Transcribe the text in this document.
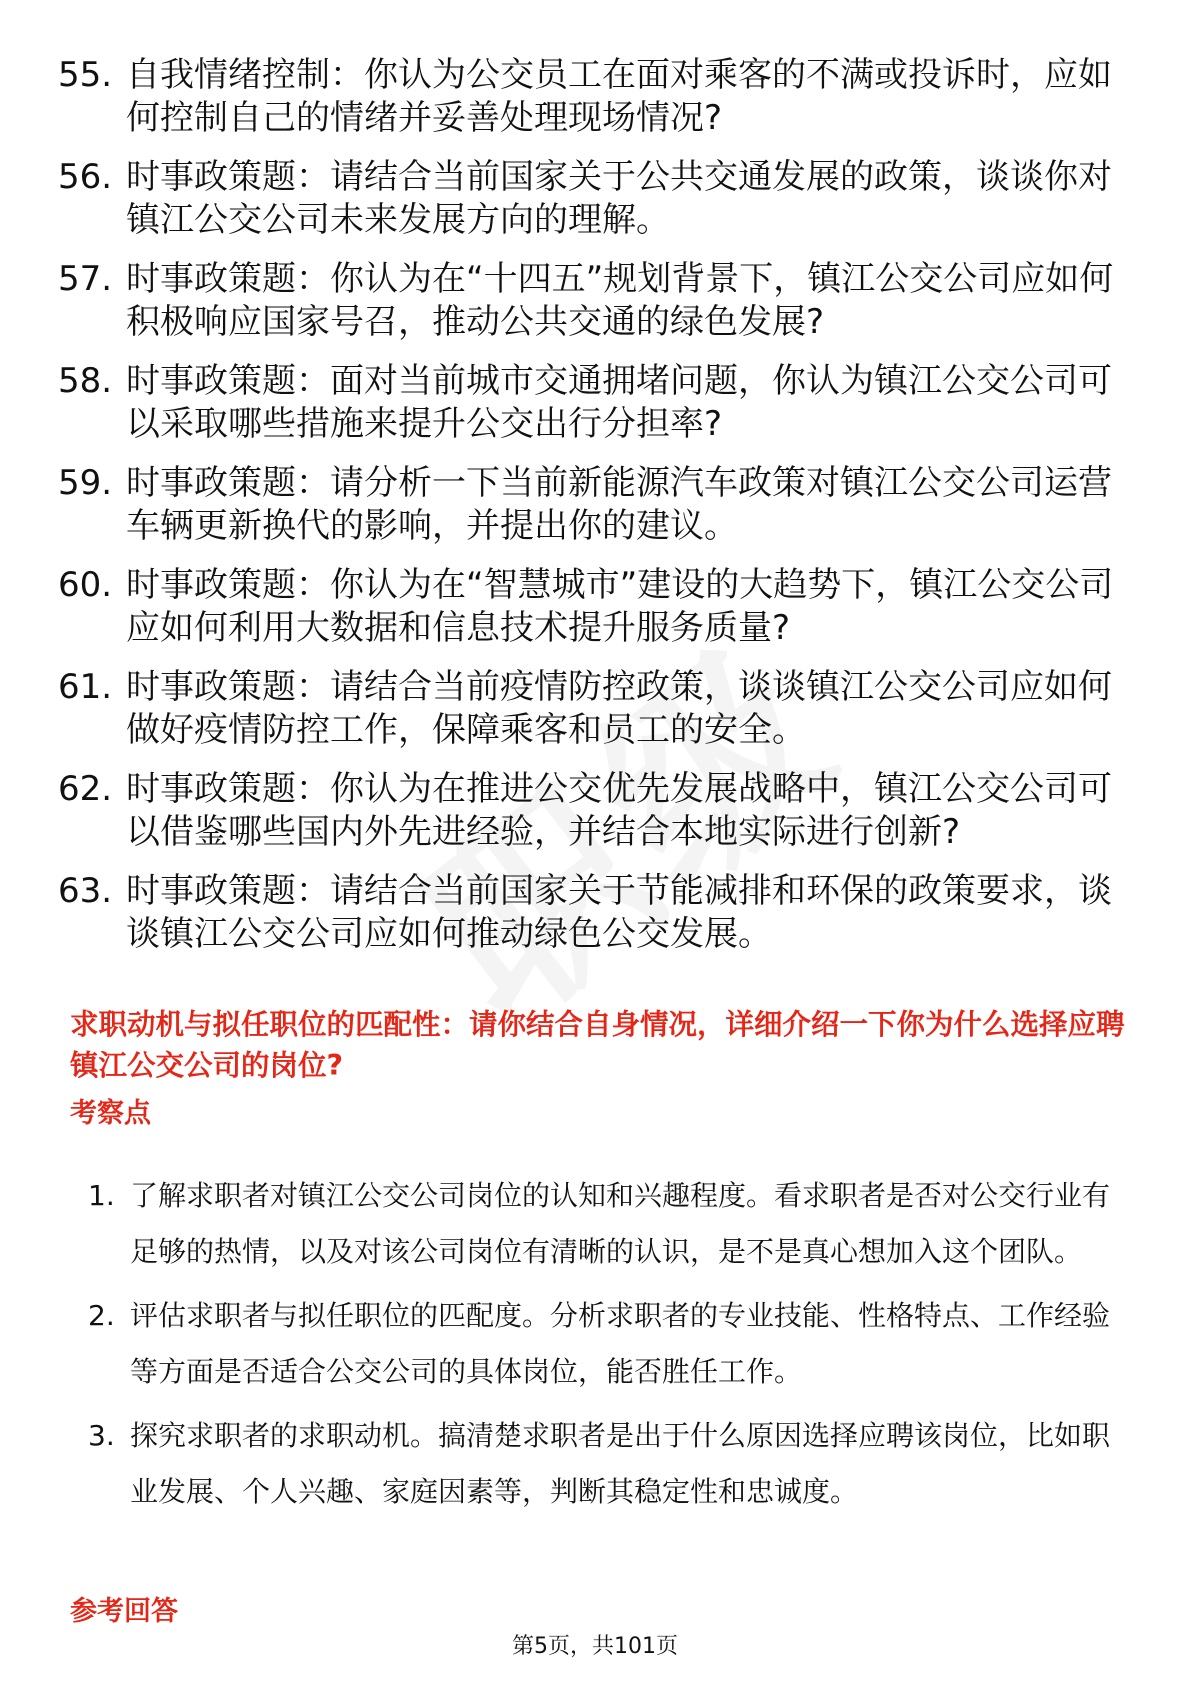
55. 自我情绪控制：你认为公交员工在面对乘客的不满或投诉时，应如何控制自己的情绪并妥善处理现场情况?
56. 时事政策题：请结合当前国家关于公共交通发展的政策，谈谈你对镇江公交公司未来发展方向的理解。
57. 时事政策题：你认为在“十四五”规划背景下，镇江公交公司应如何积极响应国家号召，推动公共交通的绿色发展?
58. 时事政策题：面对当前城市交通拥堵问题，你认为镇江公交公司可以采取哪些措施来提升公交出行分担率?
59. 时事政策题：请分析一下当前新能源汽车政策对镇江公交公司运营车辆更新换代的影响，并提出你的建议。
60. 时事政策题：你认为在“智慧城市”建设的大趋势下，镇江公交公司应如何利用大数据和信息技术提升服务质量?
61. 时事政策题：请结合当前疫情防控政策，谈谈镇江公交公司应如何做好疫情防控工作，保障乘客和员工的安全。
62. 时事政策题：你认为在推进公交优先发展战略中，镇江公交公司可以借鉴哪些国内外先进经验，并结合本地实际进行创新?
63. 时事政策题：请结合当前国家关于节能减排和环保的政策要求，谈谈镇江公交公司应如何推动绿色公交发展。
求职动机与拟任职位的匹配性：请你结合自身情况，详细介绍一下你为什么选择应聘镇江公交公司的岗位?
考察点
1. 了解求职者对镇江公交公司岗位的认知和兴趣程度。看求职者是否对公交行业有足够的热情，以及对该公司岗位有清晰的认识，是不是真心想加入这个团队。
2. 评估求职者与拟任职位的匹配度。分析求职者的专业技能、性格特点、工作经验等方面是否适合公交公司的具体岗位，能否胜任工作。
3. 探究求职者的求职动机。搞清楚求职者是出于什么原因选择应聘该岗位，比如职业发展、个人兴趣、家庭因素等，判断其稳定性和忠诚度。
参考回答
第5页，共101页
